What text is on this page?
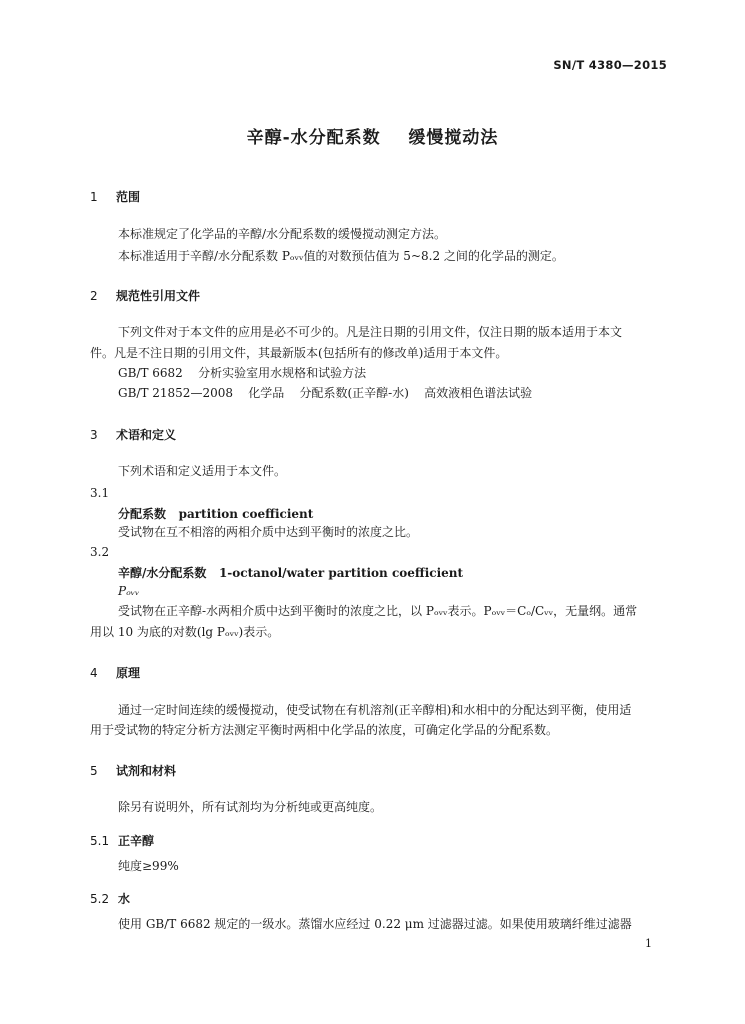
SN/T 4380—2015
辛醇-水分配系数    缓慢搅动法
1 范围
本标准规定了化学品的辛醇/水分配系数的缓慢搅动测定方法。
本标准适用于辛醇/水分配系数 Pₒᵥᵥ值的对数预估值为 5~8.2 之间的化学品的测定。
2 规范性引用文件
下列文件对于本文件的应用是必不可少的。凡是注日期的引用文件，仅注日期的版本适用于本文
件。凡是不注日期的引用文件，其最新版本(包括所有的修改单)适用于本文件。
GB/T 6682    分析实验室用水规格和试验方法
GB/T 21852—2008    化学品    分配系数(正辛醇-水)    高效液相色谱法试验
3 术语和定义
下列术语和定义适用于本文件。
3.1
分配系数 partition coefficient
受试物在互不相溶的两相介质中达到平衡时的浓度之比。
3.2
辛醇/水分配系数 1-octanol/water partition coefficient
Pₒᵥᵥ
受试物在正辛醇-水两相介质中达到平衡时的浓度之比，以 Pₒᵥᵥ表示。Pₒᵥᵥ＝Cₒ/Cᵥᵥ，无量纲。通常
用以 10 为底的对数(lg Pₒᵥᵥ)表示。
4 原理
通过一定时间连续的缓慢搅动，使受试物在有机溶剂(正辛醇相)和水相中的分配达到平衡，使用适
用于受试物的特定分析方法测定平衡时两相中化学品的浓度，可确定化学品的分配系数。
5 试剂和材料
除另有说明外，所有试剂均为分析纯或更高纯度。
5.1 正辛醇
纯度≥99%
5.2 水
使用 GB/T 6682 规定的一级水。蒸馏水应经过 0.22 μm 过滤器过滤。如果使用玻璃纤维过滤器
1
